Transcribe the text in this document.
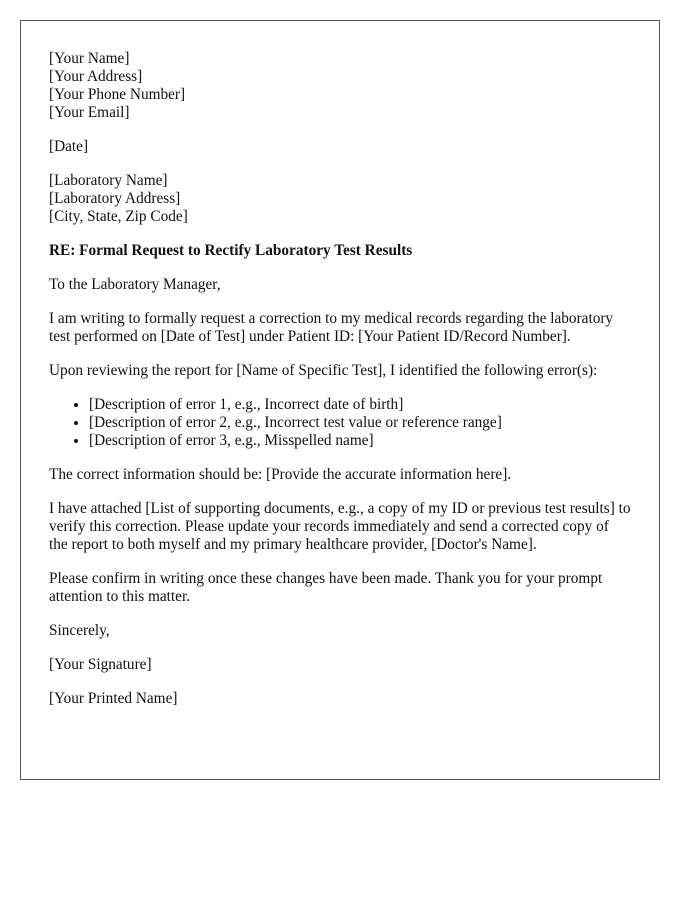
[Your Name]
[Your Address]
[Your Phone Number]
[Your Email]
[Date]
[Laboratory Name]
[Laboratory Address]
[City, State, Zip Code]
RE: Formal Request to Rectify Laboratory Test Results

To the Laboratory Manager,

I am writing to formally request a correction to my medical records regarding the laboratory test performed on [Date of Test] under Patient ID: [Your Patient ID/Record Number].

Upon reviewing the report for [Name of Specific Test], I identified the following error(s):

• [Description of error 1, e.g., Incorrect date of birth]
• [Description of error 2, e.g., Incorrect test value or reference range]
• [Description of error 3, e.g., Misspelled name]

The correct information should be: [Provide the accurate information here].

I have attached [List of supporting documents, e.g., a copy of my ID or previous test results] to verify this correction. Please update your records immediately and send a corrected copy of the report to both myself and my primary healthcare provider, [Doctor's Name].

Please confirm in writing once these changes have been made. Thank you for your prompt attention to this matter.

Sincerely,

[Your Signature]

[Your Printed Name]
